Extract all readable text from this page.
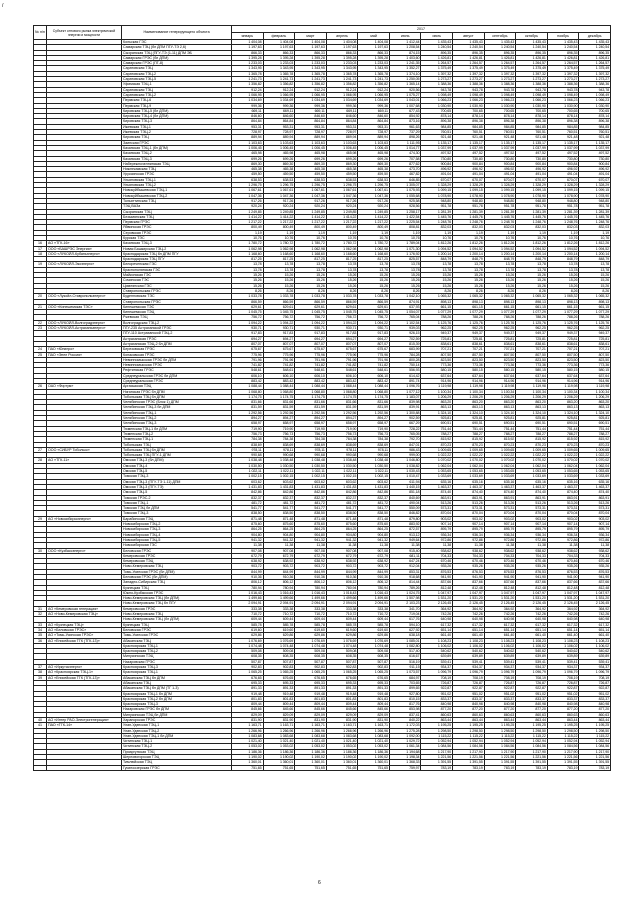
/
№ п/п	Субъект оптового рынка электрической энергии и мощности	Наименование генерирующего объекта	2017											
			январь	февраль	март	апрель	май	июнь	июль	август	сентябрь	октябрь	ноябрь	декабрь
		Кольская ГЭС	1 404,08	1 404,08	1 404,08	1 404,08	1 404,08	1 412,44	1 435,43	1 435,43	1 435,43	1 435,43	1 435,43	1 435,43
		Самарская ТЭЦ (бл ДПМ ПГУ-ТЭ 2,6)	1 197,63	1 197,63	1 197,63	1 197,63	1 197,63	1 208,54	1 240,54	1 240,54	1 240,54	1 240,54	1 240,54	1 240,54
		Сызранская ТЭЦ (ПГУ-ТЭ (1-11) ДПМ ЭБ	866,33	866,33	866,33	866,33	866,33	874,15	896,35	896,35	896,35	896,35	896,35	896,35
		Самарская ГРЭС (бл ДПМ)	1 395,28	1 395,28	1 395,28	1 395,28	1 395,28	1 403,60	1 426,81	1 426,81	1 426,81	1 426,81	1 426,81	1 426,81
		Самарская ГРЭС (ПГ-8)	1 233,03	1 233,03	1 233,03	1 233,03	1 233,03	1 241,35	1 264,57	1 264,57	1 264,57	1 264,57	1 264,57	1 264,57
		Саратовская ТЭЦ	1 343,95	1 343,95	1 343,95	1 343,95	1 343,95	1 352,27	1 375,49	1 375,49	1 375,49	1 375,49	1 375,49	1 375,49
		Саратовская ТЭЦ-2	1 365,78	1 365,78	1 365,78	1 365,78	1 365,78	1 374,10	1 397,32	1 397,32	1 397,32	1 397,32	1 397,32	1 397,32
		Саратовская ТЭЦ-5	1 241,73	1 241,73	1 241,73	1 241,73	1 241,73	1 250,05	1 273,27	1 273,27	1 273,27	1 273,27	1 273,27	1 273,27
		Уфимская ТЭЦ-1	1 356,82	1 356,82	1 356,82	1 356,82	1 356,82	1 365,14	1 388,36	1 388,36	1 388,36	1 388,36	1 388,36	1 388,36
		Саратовская ТЭЦ	912,24	912,24	912,24	912,24	912,24	920,56	943,78	943,78	943,78	943,78	943,78	943,78
		Саратовская ТЭЦ-2	1 066,95	1 066,95	1 066,95	1 066,95	1 066,95	1 075,27	1 098,49	1 098,49	1 098,49	1 098,49	1 098,49	1 098,49
		Пермская ТЭЦ-6	1 034,69	1 034,69	1 034,69	1 034,69	1 034,69	1 043,01	1 066,23	1 066,23	1 066,23	1 066,23	1 066,23	1 066,23
		Пермская ТЭЦ-9	999,36	999,36	999,36	999,36	999,36	1 007,68	1 030,90	1 030,90	1 030,90	1 030,90	1 030,90	1 030,90
		Кировская ТЭЦ-5 (бл ДПМ)	669,11	669,11	669,11	669,11	669,11	677,43	700,65	700,65	700,65	700,65	700,65	700,65
		Кировская ТЭЦ-4 (бл ДПМ)	846,60	846,60	846,60	846,60	846,60	854,92	878,14	878,14	878,14	878,14	878,14	878,14
		Кировская ТЭЦ-3	864,84	864,84	864,84	864,84	864,84	873,16	896,38	896,38	896,38	896,38	896,38	896,38
		Ижевская ТЭЦ-1	953,31	953,31	953,31	953,31	953,31	961,63	984,85	984,85	984,85	984,85	984,85	984,85
		Ижевская ТЭЦ-2	728,97	728,97	728,97	728,97	728,97	737,29	760,51	760,51	760,51	760,51	760,51	760,51
		Кировская ТЭЦ	889,94	889,94	889,94	889,94	889,94	898,26	921,48	921,48	921,48	921,48	921,48	921,48
		Заинская ГРЭС	1 103,63	1 103,63	1 103,63	1 103,63	1 103,63	1 111,95	1 135,17	1 135,17	1 135,17	1 135,17	1 135,17	1 135,17
		Казанская ТЭЦ-1 (бл ДПМ)	1 006,45	1 006,45	1 006,45	1 006,45	1 006,45	1 014,77	1 037,99	1 037,99	1 037,99	1 037,99	1 037,99	1 037,99
		Казанская ТЭЦ-2	465,98	465,98	465,98	465,98	465,98	474,30	497,52	497,52	497,52	497,52	497,52	497,52
		Казанская ТЭЦ-3	699,26	699,26	699,26	699,26	699,26	707,58	730,80	730,80	730,80	730,80	730,80	730,80
		Набережночелнинская ТЭЦ	869,30	869,30	869,30	869,30	869,30	877,62	900,84	900,84	900,84	900,84	900,84	900,84
		Нижнекамская ТЭЦ	465,38	465,38	465,38	465,38	465,38	473,70	496,92	496,92	496,92	496,92	496,92	496,92
		Уруссинская ГРЭС	459,50	459,50	459,50	459,50	459,50	467,82	491,04	491,04	491,04	491,04	491,04	491,04
		Ульяновская ТЭЦ-1	638,53	638,53	638,53	638,53	638,53	646,85	670,07	670,07	670,07	670,07	670,07	670,07
		Ульяновская ТЭЦ-2	1 296,75	1 296,75	1 296,75	1 296,75	1 296,75	1 305,07	1 328,29	1 328,29	1 328,29	1 328,29	1 328,29	1 328,29
		Новокуйбышевская ТЭЦ-1	1 067,61	1 067,61	1 067,61	1 067,61	1 067,61	1 075,93	1 099,15	1 099,15	1 099,15	1 099,15	1 099,15	1 099,15
		Новокуйбышевская ТЭЦ-2	1 047,36	1 047,36	1 047,36	1 047,36	1 047,36	1 055,68	1 078,90	1 078,90	1 078,90	1 078,90	1 078,90	1 078,90
		Тольяттинская ТЭЦ	917,26	917,26	917,26	917,26	917,26	925,58	948,80	948,80	948,80	948,80	948,80	948,80
		ТЭЦ ВАЗа	920,24	920,24	920,24	920,24	920,24	928,56	951,78	951,78	951,78	951,78	951,78	951,78
		Сызранская ТЭЦ	1 249,85	1 249,85	1 249,85	1 249,85	1 249,85	1 258,17	1 281,39	1 281,39	1 281,39	1 281,39	1 281,39	1 281,39
		Безымянская ТЭЦ	1 414,22	1 414,22	1 414,22	1 414,22	1 414,22	1 422,54	1 445,76	1 445,76	1 445,76	1 445,76	1 445,76	1 445,76
		Пермская ГРЭС	1 217,22	1 217,22	1 217,22	1 217,22	1 217,22	1 225,54	1 248,76	1 248,76	1 248,76	1 248,76	1 248,76	1 248,76
		Яйвинская ГРЭС	800,49	800,49	800,49	800,49	800,49	808,81	832,03	832,03	832,03	832,03	832,03	832,03
		Серовская ГРЭС	1,19	1,19	1,19	1,19	1,19	1,19	1,19	1,19	1,19	1,19	1,19	1,19
		Курская ТЭС	10,76	10,76	10,76	10,76	10,76	10,76	10,76	10,76	10,76	10,76	10,76	10,76
16	АО «ТГК-16»	Казанская ТЭЦ-3	1 780,72	1 780,72	1 780,72	1 780,72	1 780,72	1 789,04	1 812,26	1 812,26	1 812,26	1 812,26	1 812,26	1 812,26
17	ООО «БАШРЭС Энергия»	Новая Башкирская ТЭЦ-2	1 062,98	1 062,98	1 062,98	1 062,98	1 062,98	1 071,30	1 094,52	1 094,52	1 094,52	1 094,52	1 094,52	1 094,52
18	ООО «ЛУКОЙЛ-Кубаньэнерго»	Краснодарская ТЭЦ бл ДПМ ПГУ	1 168,60	1 168,60	1 168,60	1 168,60	1 168,60	1 176,92	1 200,14	1 200,14	1 200,14	1 200,14	1 200,14	1 200,14
		Краснодарская ТЭЦ ПГУ	817,25	817,25	817,25	817,25	817,25	825,57	848,79	848,79	848,79	848,79	848,79	848,79
19	ООО «ЛУКОЙЛ-Экоэнерго»	Белореченская ГЭС	13,78	13,78	13,78	13,78	13,78	13,78	13,78	13,78	13,78	13,78	13,78	13,78
		Краснополянская ГЭС	13,78	13,78	13,78	13,78	13,78	13,78	13,78	13,78	13,78	13,78	13,78	13,78
		Майкопская ГЭС	15,26	15,26	15,26	15,26	15,26	15,26	15,26	15,26	15,26	15,26	15,26	15,26
		Сочинская ТЭС	15,26	15,26	15,26	15,26	15,26	15,26	15,26	15,26	15,26	15,26	15,26	15,26
		Цимлянская ГЭС	15,26	15,26	15,26	15,26	15,26	15,26	15,26	15,26	15,26	15,26	15,26	15,26
		Ставропольская ГРЭС	8,26	8,26	8,26	8,26	8,26	8,26	8,26	8,26	8,26	8,26	8,26	8,26
20	ООО «Лукойл-Ставропольэнерго»	Буденновская ТЭС	1 033,78	1 033,78	1 033,78	1 033,78	1 033,78	1 042,10	1 065,32	1 065,32	1 065,32	1 065,32	1 065,32	1 065,32
		Ставропольская ГРЭС	866,59	866,59	866,59	866,59	866,59	874,91	898,13	898,13	898,13	898,13	898,13	898,13
21	ООО «Кинешемская ТЭС»	Кинешемская ТЭС	629,61	629,61	629,61	629,61	629,61	637,93	661,15	661,15	661,15	661,15	661,15	661,15
		Кинешемская ТЭЦ	1 045,75	1 045,75	1 045,75	1 045,75	1 045,75	1 054,07	1 077,29	1 077,29	1 077,29	1 077,29	1 077,29	1 077,29
		Ржевская ТЭЦ	756,72	756,72	756,72	756,72	756,72	765,04	788,26	788,26	788,26	788,26	788,26	788,26
22	ООО «ЛУКОЙЛ-Волгоградэнерго»	Волгоградская ТЭЦ-2	1 094,22	1 094,22	1 094,22	1 094,22	1 094,22	1 102,54	1 125,76	1 125,76	1 125,76	1 125,76	1 125,76	1 125,76
23	ООО «ЛУКОЙЛ-Астраханьэнерго»	ПГУ-235 Астраханской ГРЭС	930,71	930,71	930,71	930,71	930,71	939,03	962,25	962,25	962,25	962,25	962,25	962,25
		ПГУ-110 Астраханской ТЭЦ-2	917,83	917,83	917,83	917,83	917,83	926,15	949,37	949,37	949,37	949,37	949,37	949,37
		Астраханская ГРЭС	694,27	694,27	694,27	694,27	694,27	702,59	725,81	725,81	725,81	725,81	725,81	725,81
		Астраханская ТЭЦ-2 бл ДПМ	807,07	807,07	807,07	807,07	807,07	815,39	838,61	838,61	838,61	838,61	838,61	838,61
24	ПАО «Юнипро»	Березовская ГРЭС	675,67	675,67	675,67	675,67	675,67	683,99	707,21	707,21	707,21	707,21	707,21	707,21
25	ПАО «Энел Россия»	Конаковская ГРЭС	775,96	775,96	775,96	775,96	775,96	784,28	807,50	807,50	807,50	807,50	807,50	807,50
		Невинномысская ГРЭС бл ДПМ	791,96	791,96	791,96	791,96	791,96	800,28	823,50	823,50	823,50	823,50	823,50	823,50
		Невинномысская ГРЭС	741,82	741,82	741,82	741,82	741,82	750,14	773,36	773,36	773,36	773,36	773,36	773,36
		Рефтинская ГРЭС	548,61	548,61	548,61	548,61	548,61	556,93	580,15	580,15	580,15	580,15	580,15	580,15
		Среднеуральская ГРЭС бл ДПМ	606,10	606,10	606,10	606,10	606,10	614,42	637,64	637,64	637,64	637,64	637,64	637,64
		Среднеуральская ГРЭС	883,42	883,42	883,42	883,42	883,42	891,74	914,96	914,96	914,96	914,96	914,96	914,96
26	ОАО «Фортум»	Аргаяшская ТЭЦ	1 088,44	1 088,44	1 088,44	1 088,44	1 088,44	1 096,76	1 119,98	1 119,98	1 119,98	1 119,98	1 119,98	1 119,98
		Няганская ГРЭС бл ДПМ	1 068,80	1 068,80	1 068,80	1 068,80	1 068,80	1 077,12	1 100,34	1 100,34	1 100,34	1 100,34	1 100,34	1 100,34
		Тобольская ТЭЦ бл ДПМ	1 174,75	1 174,75	1 174,75	1 174,75	1 174,75	1 183,07	1 206,29	1 206,29	1 206,29	1 206,29	1 206,29	1 206,29
		Челябинская ГРЭС (Блок 1) ДПМ	831,66	831,66	831,66	831,66	831,66	839,98	863,20	863,20	863,20	863,20	863,20	863,20
		Челябинская ТЭЦ-3 бл ДПМ	831,59	831,59	831,59	831,59	831,59	839,91	863,13	863,13	863,13	863,13	863,13	863,13
		Челябинская ТЭЦ-1	1 292,56	1 292,56	1 292,56	1 292,56	1 292,56	1 300,88	1 324,10	1 324,10	1 324,10	1 324,10	1 324,10	1 324,10
		Челябинская ТЭЦ-2	894,27	894,27	894,27	894,27	894,27	902,59	925,81	925,81	925,81	925,81	925,81	925,81
		Челябинская ТЭЦ-3	658,97	658,97	658,97	658,97	658,97	667,29	690,51	690,51	690,51	690,51	690,51	690,51
		Тюменская ТЭЦ-1 бл ДПМ	719,90	719,90	719,90	719,90	719,90	728,22	751,44	751,44	751,44	751,44	751,44	751,44
		Тюменская ТЭЦ-2	756,73	756,73	756,73	756,73	756,73	765,05	788,27	788,27	788,27	788,27	788,27	788,27
		Тюменская ТЭЦ-1	784,38	784,38	784,38	784,38	784,38	792,70	815,92	815,92	815,92	815,92	815,92	815,92
		Тобольская ТЭЦ	838,69	838,69	838,69	838,69	838,69	847,01	870,23	870,23	870,23	870,23	870,23	870,23
27	ООО «СИБУР Тобольск»	Тобольская ТЭЦ бл ДПМ	978,11	978,11	978,11	978,11	978,11	986,43	1 009,65	1 009,65	1 009,65	1 009,65	1 009,65	1 009,65
		Тобольская ТЭЦ ПГУ-1 ДПМ	990,68	990,68	990,68	990,68	990,68	999,00	1 022,22	1 022,22	1 022,22	1 022,22	1 022,22	1 022,22
28	АО «ТГК-11»	Омская ТЭЦ-3 (бл ДПМ)	1 038,48	1 038,48	1 038,48	1 038,48	1 038,48	1 046,80	1 070,02	1 070,02	1 070,02	1 070,02	1 070,02	1 070,02
		Омская ТЭЦ-4	1 030,50	1 030,50	1 030,50	1 030,50	1 030,50	1 038,82	1 062,04	1 062,04	1 062,04	1 062,04	1 062,04	1 062,04
		Омская ТЭЦ-5	1 022,11	1 022,11	1 022,11	1 022,11	1 022,11	1 030,43	1 053,65	1 053,65	1 053,65	1 053,65	1 053,65	1 053,65
		Томская ТЭЦ-3	1 002,15	1 002,15	1 002,15	1 002,15	1 002,15	1 010,47	1 033,69	1 033,69	1 033,69	1 033,69	1 033,69	1 033,69
		Омская ТЭЦ-3 (ПГУ-ТЭ 1-11) ДПМ	603,62	603,62	603,62	603,62	603,62	611,94	635,16	635,16	635,16	635,16	635,16	635,16
		Омская ТЭЦ-3 (ПГУ-ТЭ)	1 431,83	1 431,83	1 431,83	1 431,83	1 431,83	1 440,15	1 463,37	1 463,37	1 463,37	1 463,37	1 463,37	1 463,37
		Омская ТЭЦ-5	842,86	842,86	842,86	842,86	842,86	851,18	874,40	874,40	874,40	874,40	874,40	874,40
		Томская ГРЭС-2	832,37	832,37	832,37	832,37	832,37	840,69	863,91	863,91	863,91	863,91	863,91	863,91
		Томская ТЭЦ-1	481,72	481,72	481,72	481,72	481,72	490,04	513,26	513,26	513,26	513,26	513,26	513,26
		Томская ТЭЦ бл ДПМ	541,77	541,77	541,77	541,77	541,77	550,09	573,31	573,31	573,31	573,31	573,31	573,31
		Томская ТЭЦ-3	838,50	838,50	838,50	838,50	838,50	846,82	870,04	870,04	870,04	870,04	870,04	870,04
29	АО «Новосибирскэнерго»	Барабинская ТЭЦ	871,48	871,48	871,48	871,48	871,48	879,80	903,02	903,02	903,02	903,02	903,02	903,02
		Новосибирская ТЭЦ-2	875,60	875,60	875,60	875,60	875,60	883,92	907,14	907,14	907,14	907,14	907,14	907,14
		Новосибирская ТЭЦ-3	864,25	864,25	864,25	864,25	864,25	872,57	895,79	895,79	895,79	895,79	895,79	895,79
		Новосибирская ТЭЦ-4	904,80	904,80	904,80	904,80	904,80	913,12	936,34	936,34	936,34	936,34	936,34	936,34
		Новосибирская ТЭЦ-5	941,32	941,32	941,32	941,32	941,32	949,64	972,86	972,86	972,86	972,86	972,86	972,86
		Новосибирская ГЭС	11,38	11,38	11,38	11,38	11,38	11,38	11,38	11,38	11,38	11,38	11,38	11,38
30	ООО «Кузбассэнерго»	Беловская ГРЭС	907,08	907,08	907,08	907,08	907,08	915,40	938,62	938,62	938,62	938,62	938,62	938,62
		Кемеровская ГРЭС	672,79	672,79	672,79	672,79	672,79	681,11	704,33	704,33	704,33	704,33	704,33	704,33
		Кемеровская ТЭЦ	638,92	638,92	638,92	638,92	638,92	647,24	670,46	670,46	670,46	670,46	670,46	670,46
		Ново-Кемеровская ТЭЦ	903,72	903,72	903,72	903,72	903,72	912,04	935,26	935,26	935,26	935,26	935,26	935,26
		Томь-Усинская ГРЭС (бл ДПМ)	844,99	844,99	844,99	844,99	844,99	853,31	876,53	876,53	876,53	876,53	876,53	876,53
		Беловская ГРЭС (бл ДПМ)	910,36	910,36	910,36	910,36	910,36	918,68	941,90	941,90	941,90	941,90	941,90	941,90
		Западно-Сибирская ТЭЦ	806,12	806,12	806,12	806,12	806,12	814,44	837,66	837,66	837,66	837,66	837,66	837,66
		Кузнецкая ТЭЦ	780,94	780,94	780,94	780,94	780,94	789,26	812,48	812,48	812,48	812,48	812,48	812,48
		Южно-Кузбасская ГРЭС	1 016,43	1 016,43	1 016,43	1 016,43	1 016,43	1 024,75	1 047,97	1 047,97	1 047,97	1 047,97	1 047,97	1 047,97
		Ново-Кемеровская ТЭЦ (бл ДПМ)	1 499,66	1 499,66	1 499,66	1 499,66	1 499,66	1 507,98	1 531,20	1 531,20	1 531,20	1 531,20	1 531,20	1 531,20
		Ново-Кемеровская ТЭЦ бл ПГУ	2 094,91	2 094,91	2 094,91	2 094,91	2 094,91	2 103,23	2 126,45	2 126,45	2 126,45	2 126,45	2 126,45	2 126,45
31	АО «Кемеровская генерация»	Кемеровская ГРЭС	333,38	333,38	333,38	333,38	333,38	341,70	364,92	364,92	364,92	364,92	364,92	364,92
32	АО «Ново-Кемеровская ТЭЦ»	Ново-Кемеровская ТЭЦ	710,72	710,72	710,72	710,72	710,72	719,04	742,26	742,26	742,26	742,26	742,26	742,26
		Ново-Кемеровская ТЭЦ (бл ДПМ)	609,44	609,44	609,44	609,44	609,44	617,76	640,98	640,98	640,98	640,98	640,98	640,98
33	АО «Кузнецкая ТЭЦ»	Кузнецкая ТЭЦ	585,78	585,78	585,78	585,78	585,78	594,10	617,32	617,32	617,32	617,32	617,32	617,32
34	АО «Беловская ГРЭС»	Беловская ГРЭС	619,60	619,60	619,60	619,60	619,60	627,92	651,14	651,14	651,14	651,14	651,14	651,14
35	АО «Томь-Усинская ГРЭС»	Томь-Усинская ГРЭС	629,86	629,86	629,86	629,86	629,86	638,18	661,40	661,40	661,40	661,40	661,40	661,40
36	АО «Енисейская ТГК (ТГК-13)»	Абаканская ТЭЦ	1 076,69	1 076,69	1 076,69	1 076,69	1 076,69	1 085,01	1 108,23	1 108,23	1 108,23	1 108,23	1 108,23	1 108,23
		Красноярская ТЭЦ-1	1 074,48	1 074,48	1 074,48	1 074,48	1 074,48	1 082,80	1 106,02	1 106,02	1 106,02	1 106,02	1 106,02	1 106,02
		Красноярская ТЭЦ-2	509,08	509,08	509,08	509,08	509,08	517,40	540,62	540,62	540,62	540,62	540,62	540,62
		Минусинская ТЭЦ	608,35	608,35	608,35	608,35	608,35	616,67	639,89	639,89	639,89	639,89	639,89	639,89
		Назаровская ГРЭС	507,87	507,87	507,87	507,87	507,87	516,19	539,41	539,41	539,41	539,41	539,41	539,41
37	АО «Иркутскэнерго»	Красноярская ТЭЦ-3	902,83	902,83	902,83	902,83	902,83	911,15	934,37	934,37	934,37	934,37	934,37	934,37
38	АО «Красноярская ТЭЦ-1»	Красноярская ТЭЦ-1	1 065,25	1 065,25	1 065,25	1 065,25	1 065,25	1 073,57	1 096,79	1 096,79	1 096,79	1 096,79	1 096,79	1 096,79
39	АО «Енисейская ТГК (ТГК-13)»	Абаканская ТЭЦ бл ДПМ	676,65	676,65	676,65	676,65	676,65	684,97	708,19	708,19	708,19	708,19	708,19	708,19
		Абаканская ТЭЦ	695,33	695,33	695,33	695,33	695,33	703,65	726,87	726,87	726,87	726,87	726,87	726,87
		Абаканская ТЭЦ бл ДПМ (ТГ 1-3)	891,33	891,33	891,33	891,33	891,33	899,65	922,87	922,87	922,87	922,87	922,87	922,87
		Красноярская ТЭЦ-1 бл ДПМ	919,48	919,48	919,48	919,48	919,48	927,80	951,02	951,02	951,02	951,02	951,02	951,02
		Красноярская ТЭЦ-2 бл ДПМ	801,83	801,83	801,83	801,83	801,83	810,15	833,37	833,37	833,37	833,37	833,37	833,37
		Красноярская ТЭЦ-3	809,44	809,44	809,44	809,44	809,44	817,76	840,98	840,98	840,98	840,98	840,98	840,98
		Назаровская ГРЭС бл ДПМ	845,66	845,66	845,66	845,66	845,66	853,98	877,20	877,20	877,20	877,20	877,20	877,20
		Минусинская ТЭЦ бл ДПМ	829,09	829,09	829,09	829,09	829,09	837,41	860,63	860,63	860,63	860,63	860,63	860,63
40	АО «Интер РАО-Электрогенерация»	Харанорская ГРЭС	831,90	831,90	831,90	831,90	831,90	840,22	863,44	863,44	863,44	863,44	863,44	863,44
41	ПАО «ТГК-14»	Улан-Удэнская ТЭЦ-1	1 163,71	1 163,71	1 163,71	1 163,71	1 163,71	1 172,03	1 195,25	1 195,25	1 195,25	1 195,25	1 195,25	1 195,25
		Улан-Удэнская ТЭЦ-2	1 266,96	1 266,96	1 266,96	1 266,96	1 266,96	1 275,28	1 298,50	1 298,50	1 298,50	1 298,50	1 298,50	1 298,50
		Улан-Удэнская ТЭЦ-1 бл ДПМ	1 083,68	1 083,68	1 083,68	1 083,68	1 083,68	1 092,00	1 115,22	1 115,22	1 115,22	1 115,22	1 115,22	1 115,22
		Читинская ТЭЦ-1	1 021,40	1 021,40	1 021,40	1 021,40	1 021,40	1 029,72	1 052,94	1 052,94	1 052,94	1 052,94	1 052,94	1 052,94
		Читинская ТЭЦ-2	1 053,02	1 053,02	1 053,02	1 053,02	1 053,02	1 061,34	1 084,56	1 084,56	1 084,56	1 084,56	1 084,56	1 084,56
		Приаргунская ТЭЦ	1 186,36	1 186,36	1 186,36	1 186,36	1 186,36	1 194,68	1 217,90	1 217,90	1 217,90	1 217,90	1 217,90	1 217,90
		Шерловогорская ТЭЦ	1 190,02	1 190,02	1 190,02	1 190,02	1 190,02	1 198,34	1 221,56	1 221,56	1 221,56	1 221,56	1 221,56	1 221,56
		Тимлюйская ТЭЦ	1 360,01	1 360,01	1 360,01	1 360,01	1 360,01	1 368,33	1 391,55	1 391,55	1 391,55	1 391,55	1 391,55	1 391,55
		Гусиноозерская ГРЭС	751,65	751,65	751,65	751,65	751,65	759,97	783,19	783,19	783,19	783,19	783,19	783,19
6
